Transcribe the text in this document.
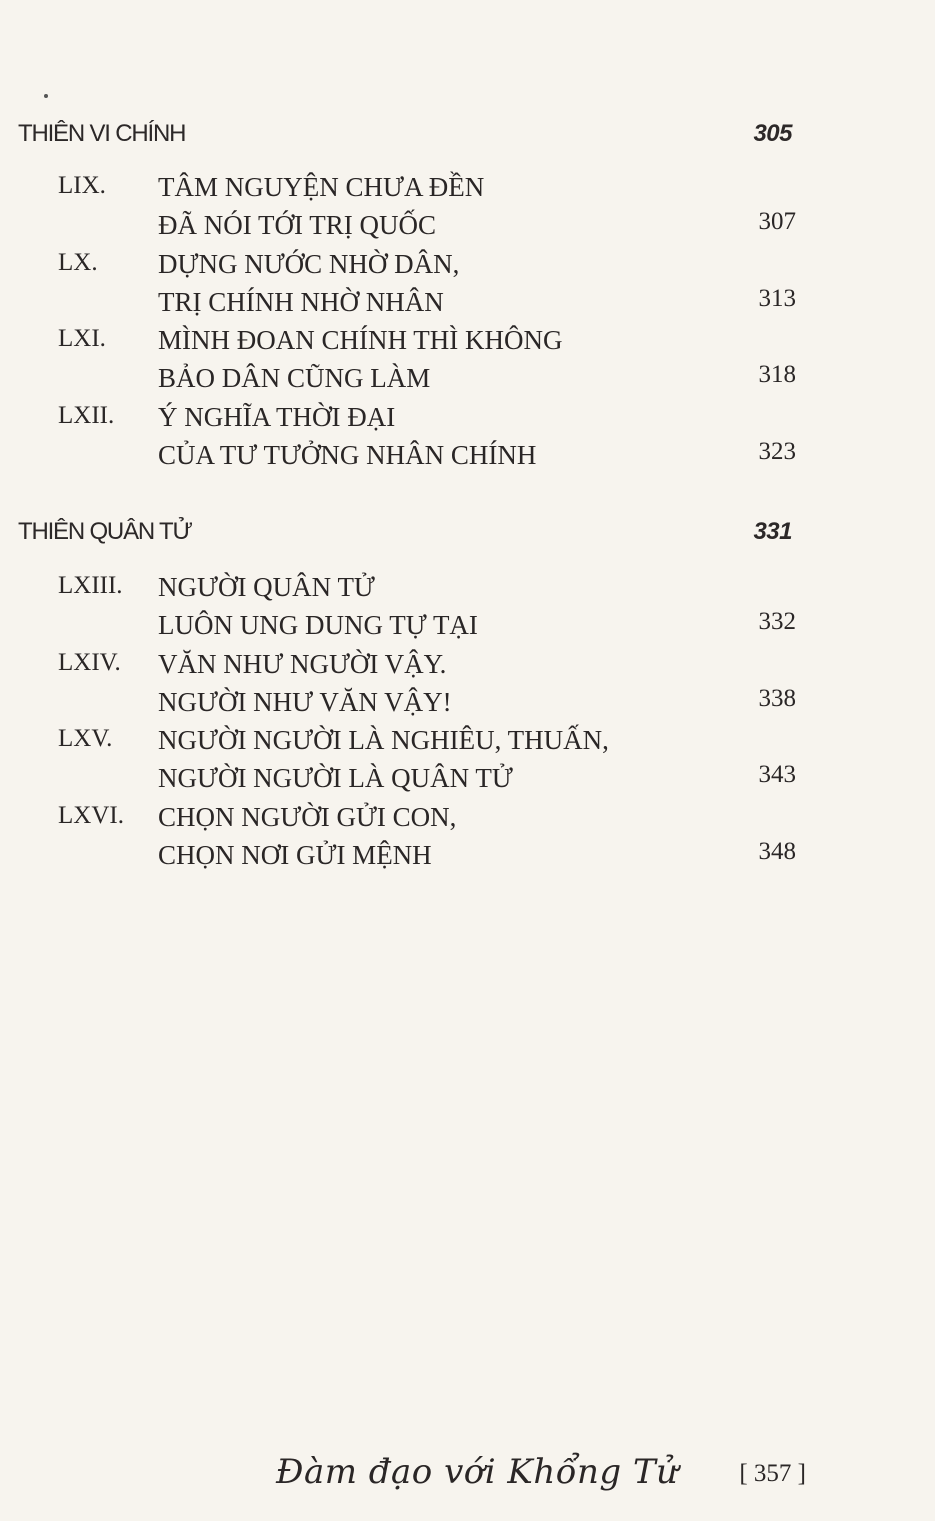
THIÊN VI CHÍNH	305
LIX. TÂM NGUYỆN CHƯA ĐỀN
ĐÃ NÓI TỚI TRỊ QUỐC	307
LX. DỰNG NƯỚC NHỜ DÂN,
TRỊ CHÍNH NHỜ NHÂN	313
LXI. MÌNH ĐOAN CHÍNH THÌ KHÔNG
BẢO DÂN CŨNG LÀM	318
LXII. Ý NGHĨA THỜI ĐẠI
CỦA TƯ TƯỞNG NHÂN CHÍNH	323
THIÊN QUÂN TỬ	331
LXIII. NGƯỜI QUÂN TỬ
LUÔN UNG DUNG TỰ TẠI	332
LXIV. VĂN NHƯ NGƯỜI VẬY.
NGƯỜI NHƯ VĂN VẬY!	338
LXV. NGƯỜI NGƯỜI LÀ NGHIÊU, THUẤN,
NGƯỜI NGƯỜI LÀ QUÂN TỬ	343
LXVI. CHỌN NGƯỜI GỬI CON,
CHỌN NƠI GỬI MỆNH	348
Đàm đạo với Khổng Tử [ 357 ]
